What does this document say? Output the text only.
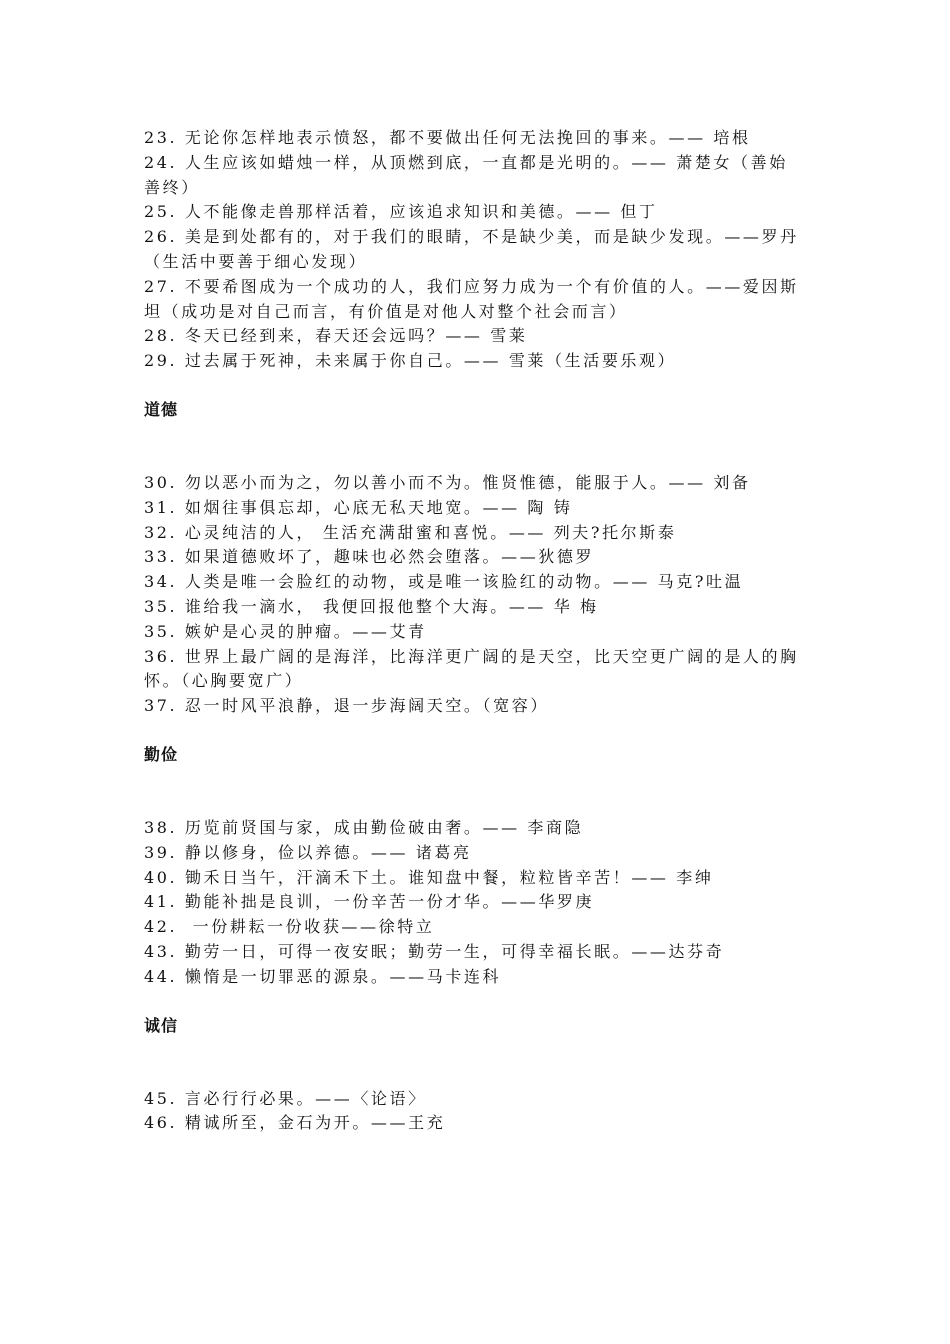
23. 无论你怎样地表示愤怒，都不要做出任何无法挽回的事来。—— 培根

24. 人生应该如蜡烛一样，从顶燃到底，一直都是光明的。—— 萧楚女（善始善终）

25. 人不能像走兽那样活着，应该追求知识和美德。—— 但丁

26. 美是到处都有的，对于我们的眼睛，不是缺少美，而是缺少发现。——罗丹（生活中要善于细心发现）

27. 不要希图成为一个成功的人，我们应努力成为一个有价值的人。——爱因斯坦（成功是对自己而言，有价值是对他人对整个社会而言）

28. 冬天已经到来，春天还会远吗？—— 雪莱

29. 过去属于死神，未来属于你自己。—— 雪莱（生活要乐观）

道德

30. 勿以恶小而为之，勿以善小而不为。惟贤惟德，能服于人。—— 刘备

31. 如烟往事俱忘却，心底无私天地宽。—— 陶 铸

32. 心灵纯洁的人， 生活充满甜蜜和喜悦。—— 列夫?托尔斯泰

33. 如果道德败坏了，趣味也必然会堕落。——狄德罗

34. 人类是唯一会脸红的动物，或是唯一该脸红的动物。—— 马克?吐温

35. 谁给我一滴水， 我便回报他整个大海。—— 华 梅

35. 嫉妒是心灵的肿瘤。——艾青

36. 世界上最广阔的是海洋，比海洋更广阔的是天空，比天空更广阔的是人的胸怀。（心胸要宽广）

37. 忍一时风平浪静，退一步海阔天空。（宽容）

勤俭

38. 历览前贤国与家，成由勤俭破由奢。—— 李商隐

39. 静以修身，俭以养德。—— 诸葛亮

40. 锄禾日当午，汗滴禾下土。谁知盘中餐，粒粒皆辛苦！—— 李绅

41. 勤能补拙是良训，一份辛苦一份才华。——华罗庚

42.  一份耕耘一份收获——徐特立

43. 勤劳一日，可得一夜安眠；勤劳一生，可得幸福长眠。——达芬奇

44. 懒惰是一切罪恶的源泉。——马卡连科

诚信

45. 言必行行必果。——〈论语〉

46. 精诚所至，金石为开。——王充
